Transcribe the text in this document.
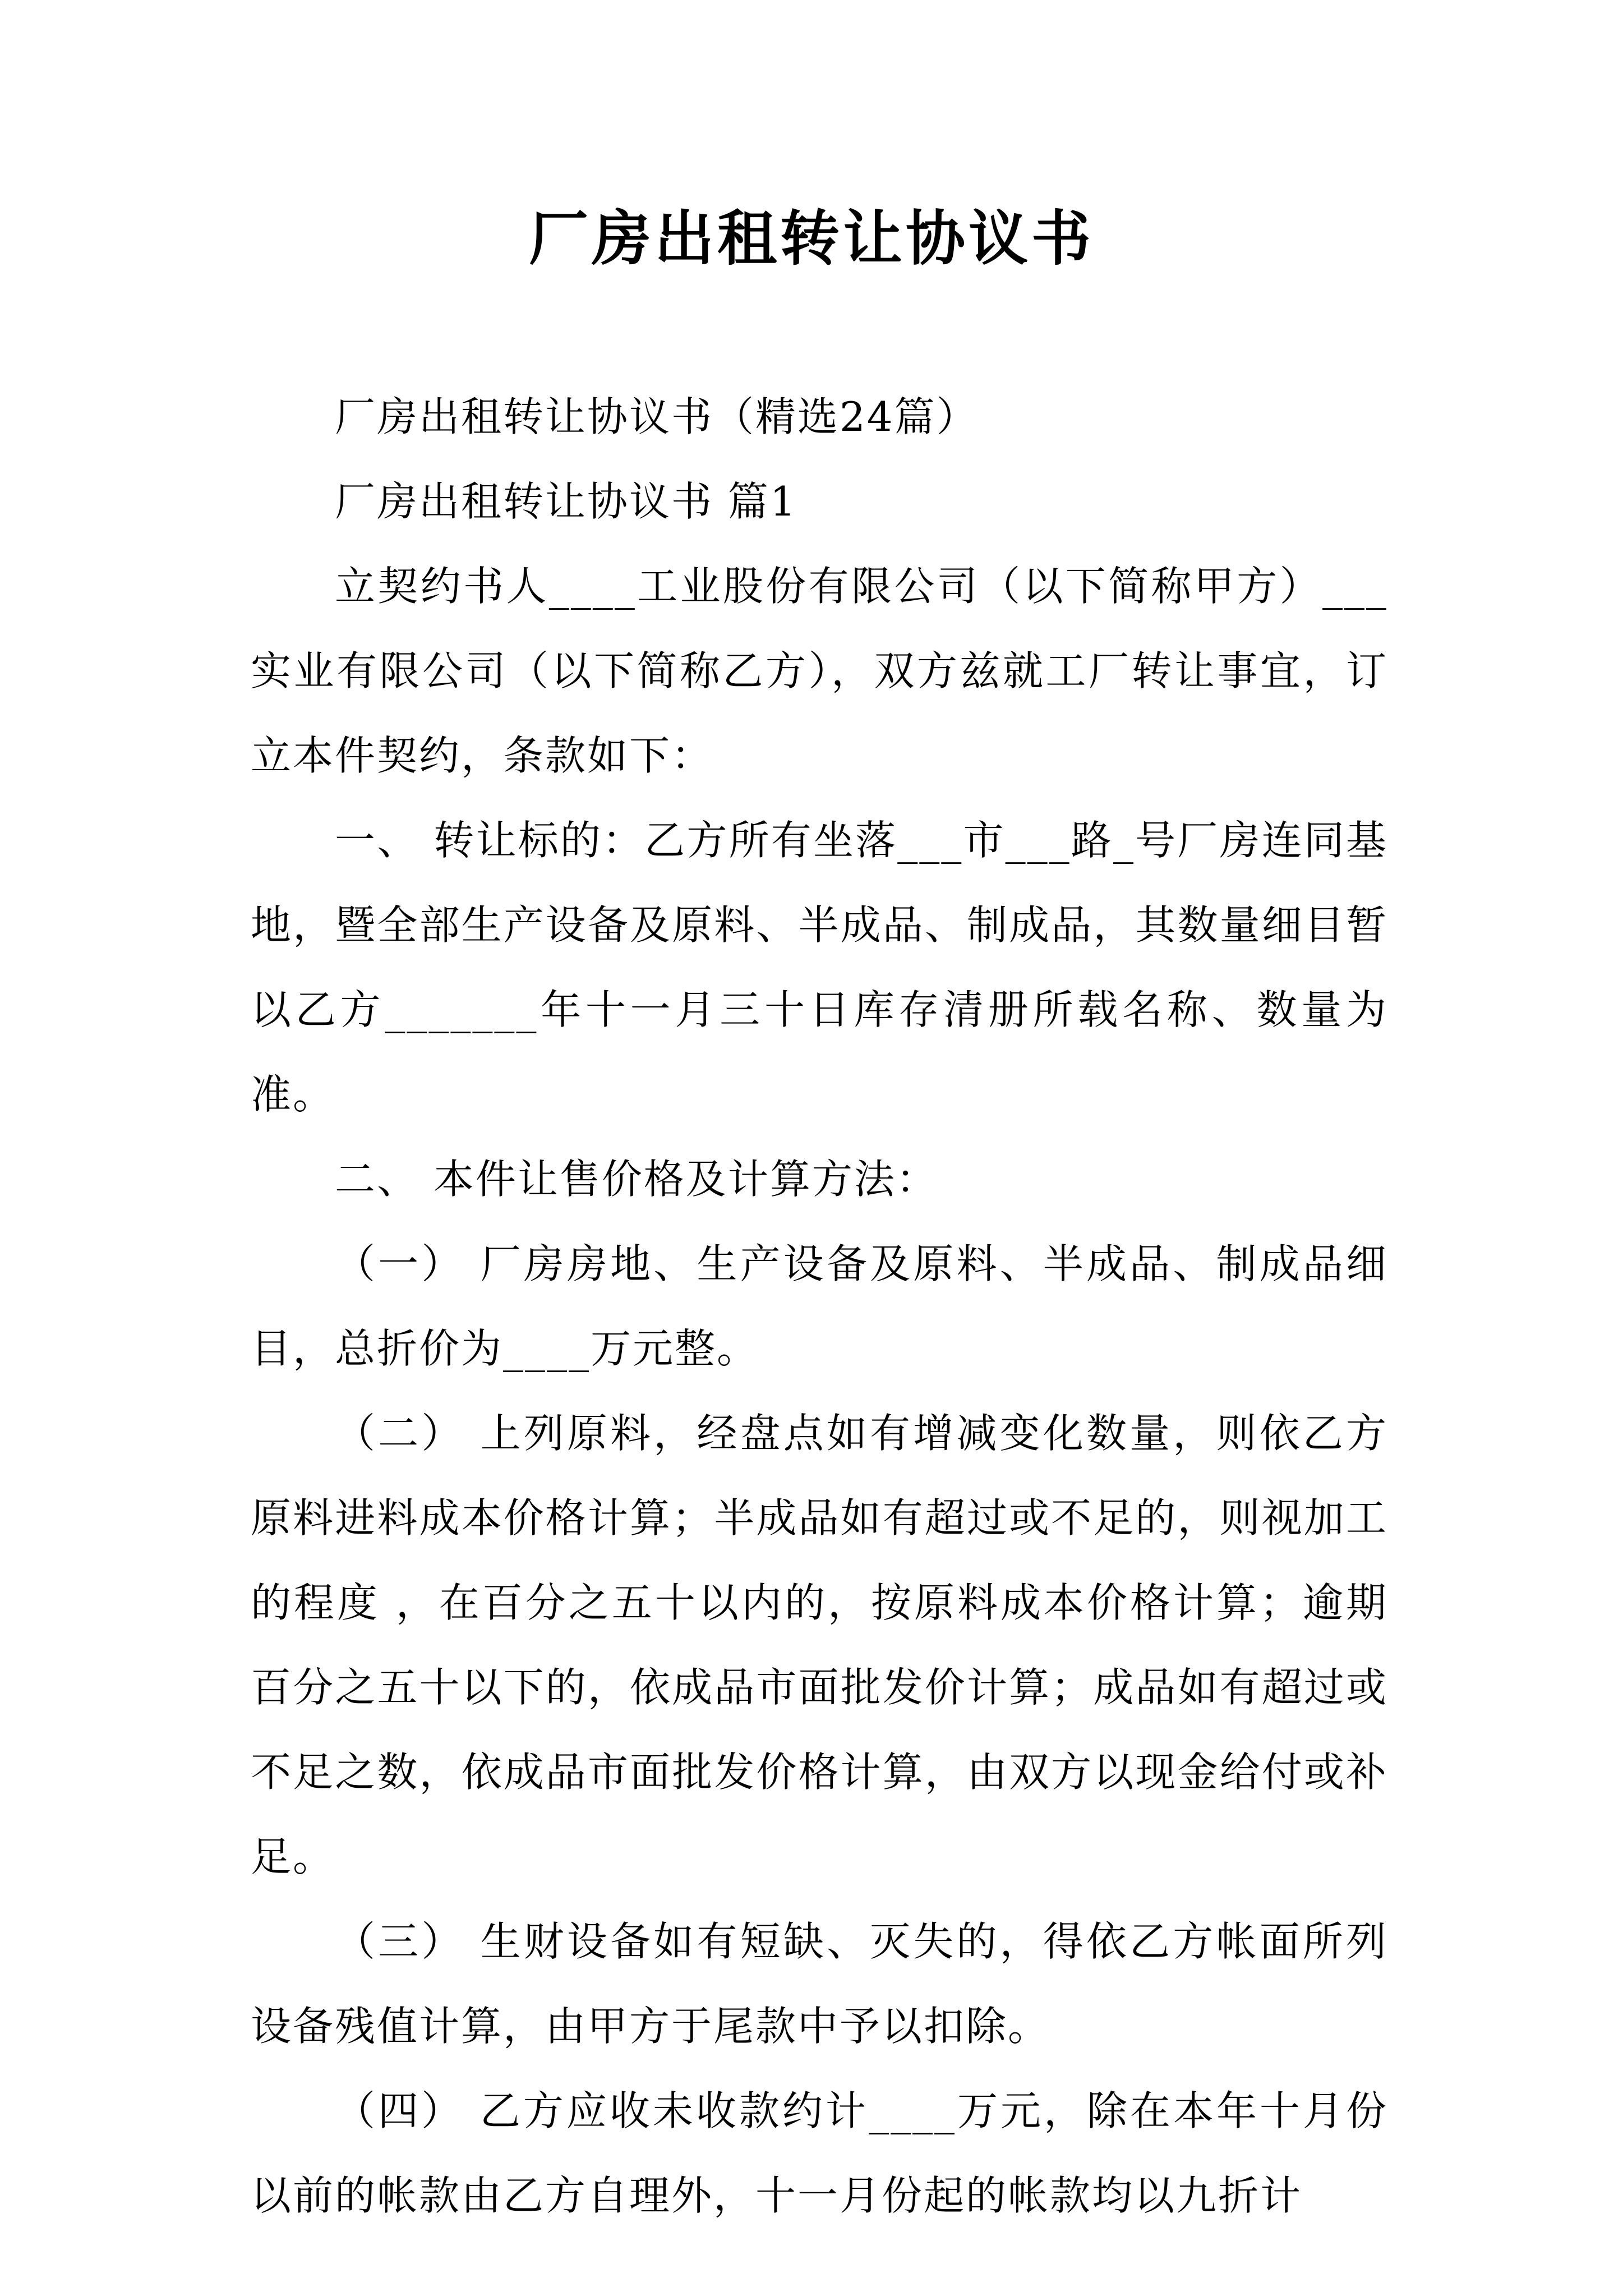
厂房出租转让协议书

厂房出租转让协议书（精选24篇）

厂房出租转让协议书 篇1

立契约书人____工业股份有限公司（以下简称甲方）___实业有限公司（以下简称乙方），双方兹就工厂转让事宜，订立本件契约，条款如下：

一、 转让标的：乙方所有坐落___市___路_号厂房连同基地，暨全部生产设备及原料、半成品、制成品，其数量细目暂以乙方_______年十一月三十日库存清册所载名称、数量为准。

二、 本件让售价格及计算方法：

（一） 厂房房地、生产设备及原料、半成品、制成品细目，总折价为____万元整。

（二） 上列原料，经盘点如有增减变化数量，则依乙方原料进料成本价格计算；半成品如有超过或不足的，则视加工的程度 ，在百分之五十以内的，按原料成本价格计算；逾期百分之五十以下的，依成品市面批发价计算；成品如有超过或不足之数，依成品市面批发价格计算，由双方以现金给付或补足。

（三） 生财设备如有短缺、灭失的，得依乙方帐面所列设备残值计算，由甲方于尾款中予以扣除。

（四） 乙方应收未收款约计____万元，除在本年十月份以前的帐款由乙方自理外，十一月份起的帐款均以九折计
